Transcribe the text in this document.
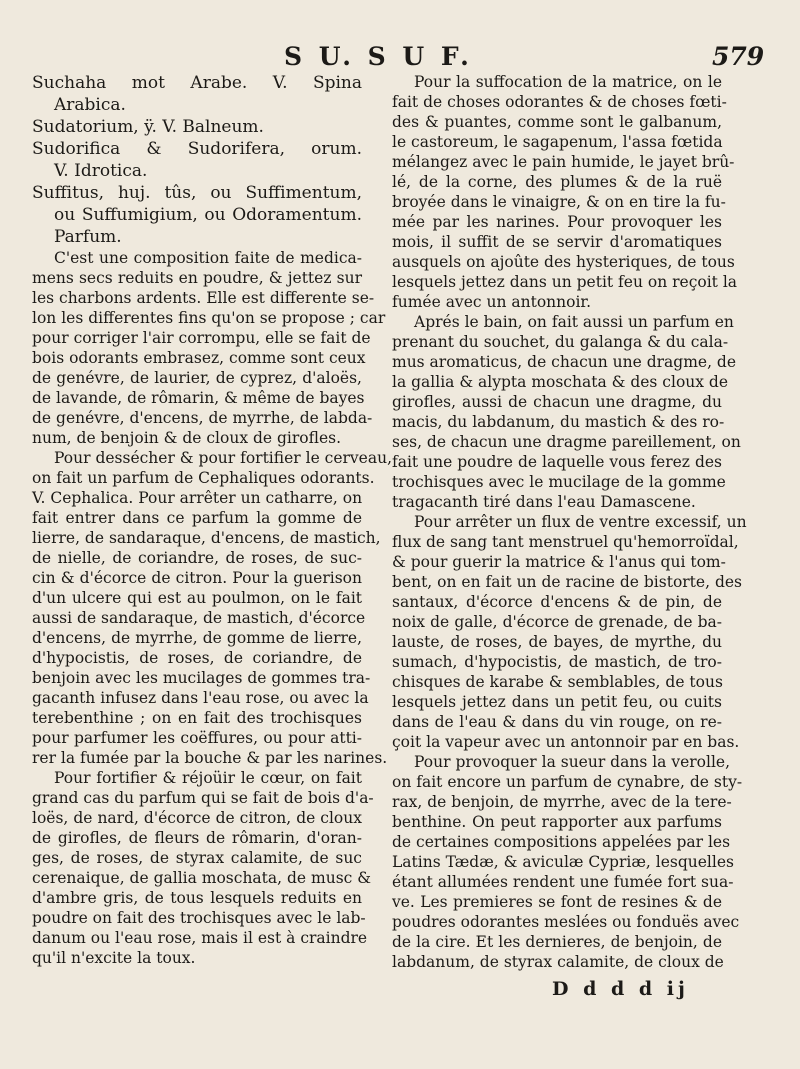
S U. S U F.	579
Suchaha mot Arabe. V. Spina
Arabica.
Sudatorium, ÿ. V. Balneum.
Sudorifica & Sudorifera, orum.
V. Idrotica.
Suffitus, huj. tûs, ou Suffimentum,
ou Suffumigium, ou Odoramentum.
Parfum.
C'est une composition faite de medica-
mens secs reduits en poudre, & jettez sur
les charbons ardents. Elle est differente se-
lon les differentes fins qu'on se propose ; car
pour corriger l'air corrompu, elle se fait de
bois odorants embrasez, comme sont ceux
de genévre, de laurier, de cyprez, d'aloës,
de lavande, de rômarin, & même de bayes
de genévre, d'encens, de myrrhe, de labda-
num, de benjoin & de cloux de girofles.
Pour dessécher & pour fortifier le cerveau,
on fait un parfum de Cephaliques odorants.
V. Cephalica. Pour arrêter un catharre, on
fait entrer dans ce parfum la gomme de
lierre, de sandaraque, d'encens, de mastich,
de nielle, de coriandre, de roses, de suc-
cin & d'écorce de citron. Pour la guerison
d'un ulcere qui est au poulmon, on le fait
aussi de sandaraque, de mastich, d'écorce
d'encens, de myrrhe, de gomme de lierre,
d'hypocistis, de roses, de coriandre, de
benjoin avec les mucilages de gommes tra-
gacanth infusez dans l'eau rose, ou avec la
terebenthine ; on en fait des trochisques
pour parfumer les coëffures, ou pour atti-
rer la fumée par la bouche & par les narines.
Pour fortifier & réjoüir le cœur, on fait
grand cas du parfum qui se fait de bois d'a-
loës, de nard, d'écorce de citron, de cloux
de girofles, de fleurs de rômarin, d'oran-
ges, de roses, de styrax calamite, de suc
cerenaique, de gallia moschata, de musc &
d'ambre gris, de tous lesquels reduits en
poudre on fait des trochisques avec le lab-
danum ou l'eau rose, mais il est à craindre
qu'il n'excite la toux.
Pour la suffocation de la matrice, on le
fait de choses odorantes & de choses fœti-
des & puantes, comme sont le galbanum,
le castoreum, le sagapenum, l'assa fœtida
mélangez avec le pain humide, le jayet brû-
lé, de la corne, des plumes & de la ruë
broyée dans le vinaigre, & on en tire la fu-
mée par les narines. Pour provoquer les
mois, il suffit de se servir d'aromatiques
ausquels on ajoûte des hysteriques, de tous
lesquels jettez dans un petit feu on reçoit la
fumée avec un antonnoir.
Aprés le bain, on fait aussi un parfum en
prenant du souchet, du galanga & du cala-
mus aromaticus, de chacun une dragme, de
la gallia & alypta moschata & des cloux de
girofles, aussi de chacun une dragme, du
macis, du labdanum, du mastich & des ro-
ses, de chacun une dragme pareillement, on
fait une poudre de laquelle vous ferez des
trochisques avec le mucilage de la gomme
tragacanth tiré dans l'eau Damascene.
Pour arrêter un flux de ventre excessif, un
flux de sang tant menstruel qu'hemorroïdal,
& pour guerir la matrice & l'anus qui tom-
bent, on en fait un de racine de bistorte, des
santaux, d'écorce d'encens & de pin, de
noix de galle, d'écorce de grenade, de ba-
lauste, de roses, de bayes, de myrthe, du
sumach, d'hypocistis, de mastich, de tro-
chisques de karabe & semblables, de tous
lesquels jettez dans un petit feu, ou cuits
dans de l'eau & dans du vin rouge, on re-
çoit la vapeur avec un antonnoir par en bas.
Pour provoquer la sueur dans la verolle,
on fait encore un parfum de cynabre, de sty-
rax, de benjoin, de myrrhe, avec de la tere-
benthine. On peut rapporter aux parfums
de certaines compositions appelées par les
Latins Tædæ, & aviculæ Cypriæ, lesquelles
étant allumées rendent une fumée fort sua-
ve. Les premieres se font de resines & de
poudres odorantes meslées ou fonduës avec
de la cire. Et les dernieres, de benjoin, de
labdanum, de styrax calamite, de cloux de
D d d d ij
